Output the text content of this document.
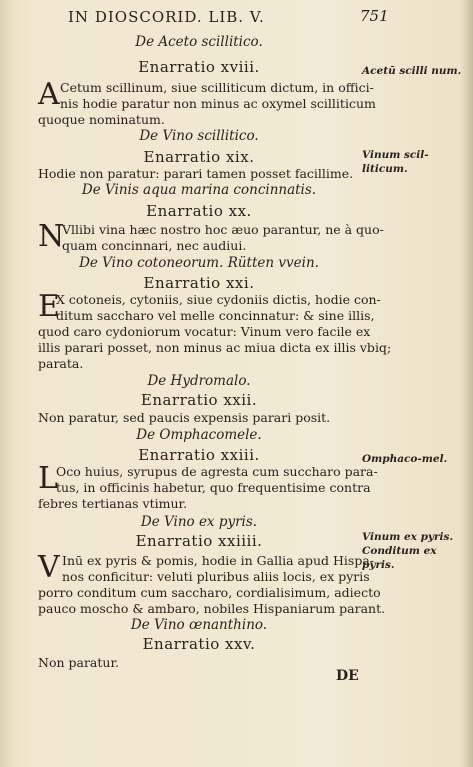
IN DIOSCORID. LIB. V.	751
De Aceto scillitico.
Enarratio xviii.
A Cetum scillinum, siue scilliticum dictum, in offici-
nis hodie paratur non minus ac oxymel scilliticum
quoque nominatum.
De Vino scillitico.
Enarratio xix.
Hodie non paratur: parari tamen posset facillime.
De Vinis aqua marina concinnatis.
Enarratio xx.
N
Vllibi vina hæc nostro hoc æuo parantur, ne à quo-
quam concinnari, nec audiui.
De Vino cotoneorum. Rütten vvein.
Enarratio xxi.
E
X cotoneis, cytoniis, siue cydoniis dictis, hodie con-
ditum saccharo vel melle concinnatur: & sine illis,
quod caro cydoniorum vocatur: Vinum vero facile ex
illis parari posset, non minus ac miua dicta ex illis vbiq;
parata.
De Hydromalo.
Enarratio xxii.
Non paratur, sed paucis expensis parari posit.
De Omphacomele.
Enarratio xxiii.
L
Oco huius, syrupus de agresta cum succharo para-
tus, in officinis habetur, quo frequentisime contra
febres tertianas vtimur.
De Vino ex pyris.
Enarratio xxiiii.
V Inū ex pyris & pomis, hodie in Gallia apud Hispa-
nos conficitur: veluti pluribus aliis locis, ex pyris
porro conditum cum saccharo, cordialisimum, adiecto
pauco moscho & ambaro, nobiles Hispaniarum parant.
De Vino œnanthino.
Enarratio xxv.
Non paratur.
Acetū scilli num.
Vinum scil-liticum.
Omphaco-mel.
Vinum ex pyris. Conditum ex pyris.
DE
